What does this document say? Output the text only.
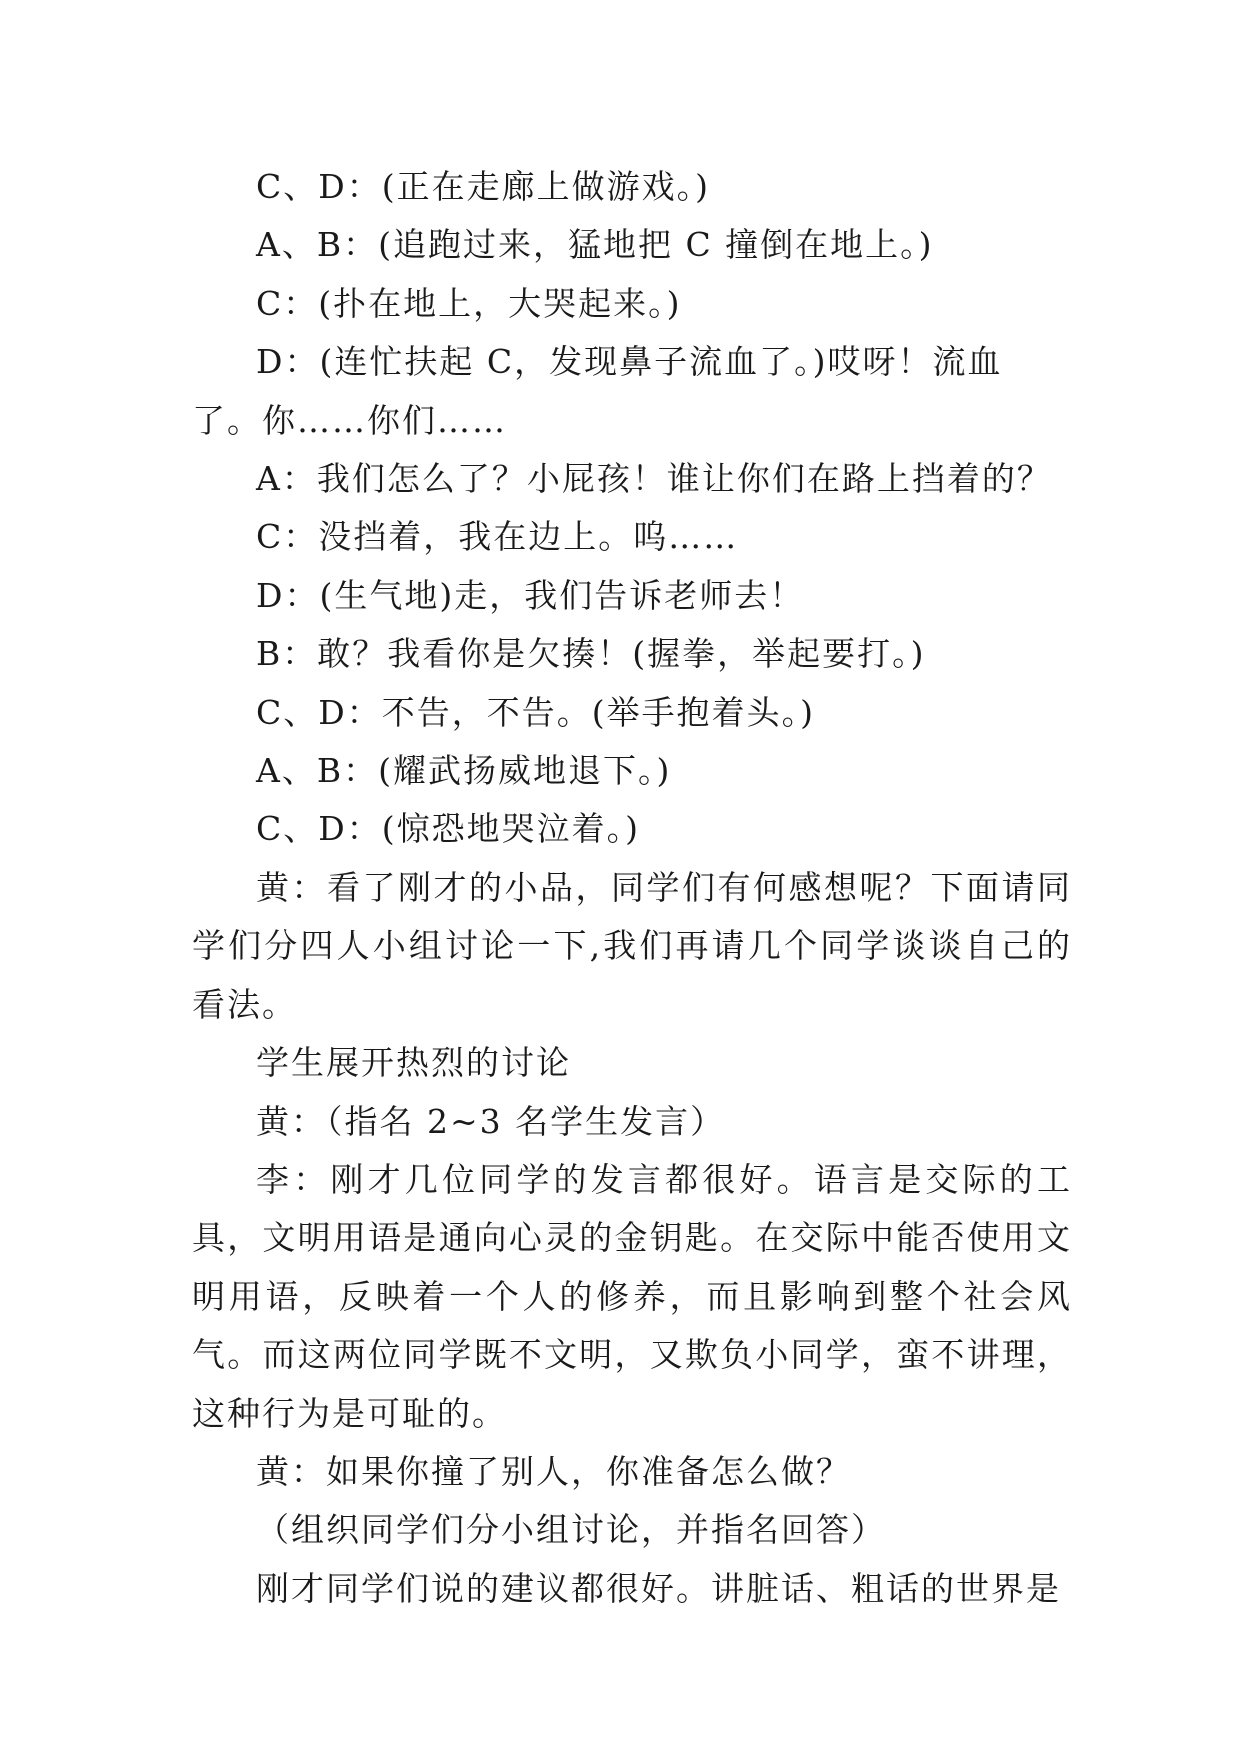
C、D：(正在走廊上做游戏。)

A、B：(追跑过来，猛地把 C 撞倒在地上。)

C：(扑在地上，大哭起来。)

D：(连忙扶起 C，发现鼻子流血了。)哎呀！流血了。你……你们……

A：我们怎么了？小屁孩！谁让你们在路上挡着的？

C：没挡着，我在边上。呜……

D：(生气地)走，我们告诉老师去！

B：敢？我看你是欠揍！(握拳，举起要打。)

C、D：不告，不告。(举手抱着头。)

A、B：(耀武扬威地退下。)

C、D：(惊恐地哭泣着。)

黄：看了刚才的小品，同学们有何感想呢？下面请同学们分四人小组讨论一下,我们再请几个同学谈谈自己的看法。

学生展开热烈的讨论

黄：（指名 2~3 名学生发言）

李：刚才几位同学的发言都很好。语言是交际的工具，文明用语是通向心灵的金钥匙。在交际中能否使用文明用语，反映着一个人的修养，而且影响到整个社会风气。而这两位同学既不文明，又欺负小同学，蛮不讲理，这种行为是可耻的。

黄：如果你撞了别人，你准备怎么做？

（组织同学们分小组讨论，并指名回答）

刚才同学们说的建议都很好。讲脏话、粗话的世界是
